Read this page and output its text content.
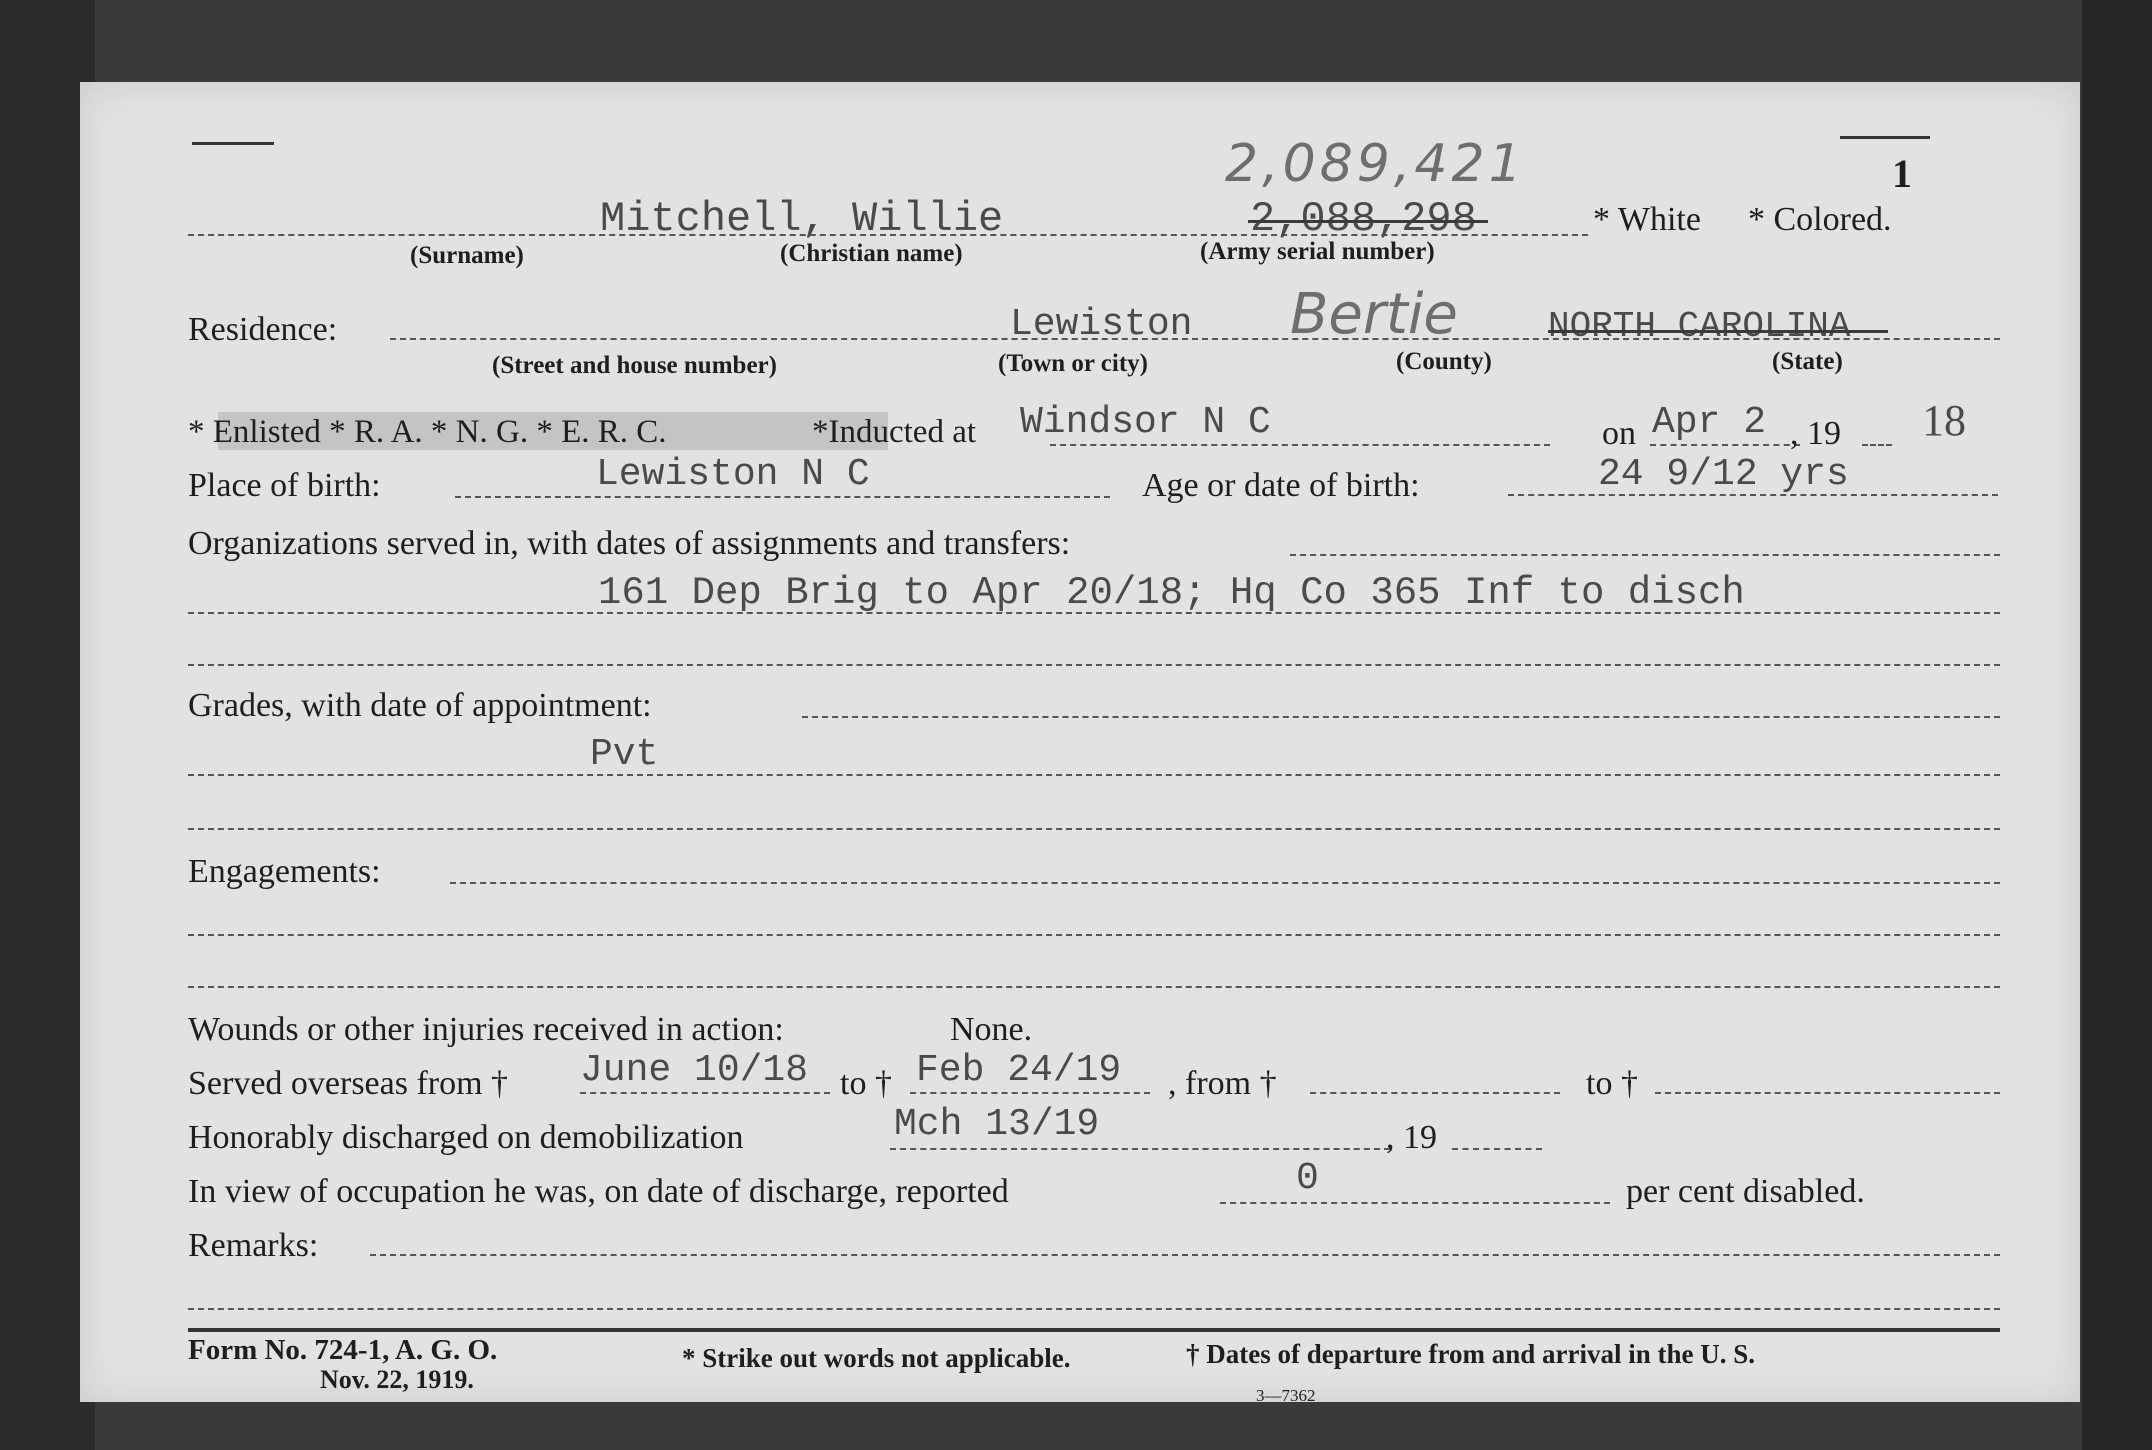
1
2,089,421
Mitchell, Willie	2,088,298	* White * Colored.
(Surname)	(Christian name)	(Army serial number)
Residence:	Lewiston Bertie	NORTH CAROLINA
(Street and house number)	(Town or city)	(County)	(State)
* Enlisted * R. A. * N. G. * E. R. C.	*Inducted at Windsor N C	on Apr 2 , 19 18
Place of birth:	Lewiston N C	Age or date of birth:	24 9/12 yrs
Organizations served in, with dates of assignments and transfers:
161 Dep Brig to Apr 20/18; Hq Co 365 Inf to disch
Grades, with date of appointment:
Pvt
Engagements:
Wounds or other injuries received in action:	None.
Served overseas from † June 10/18 to † Feb 24/19 , from †	to †
Honorably discharged on demobilization	Mch 13/19	, 19
In view of occupation he was, on date of discharge, reported	0	per cent disabled.
Remarks:
Form No. 724-1, A. G. O.
Nov. 22, 1919.
* Strike out words not applicable.	† Dates of departure from and arrival in the U. S.
3—7362
